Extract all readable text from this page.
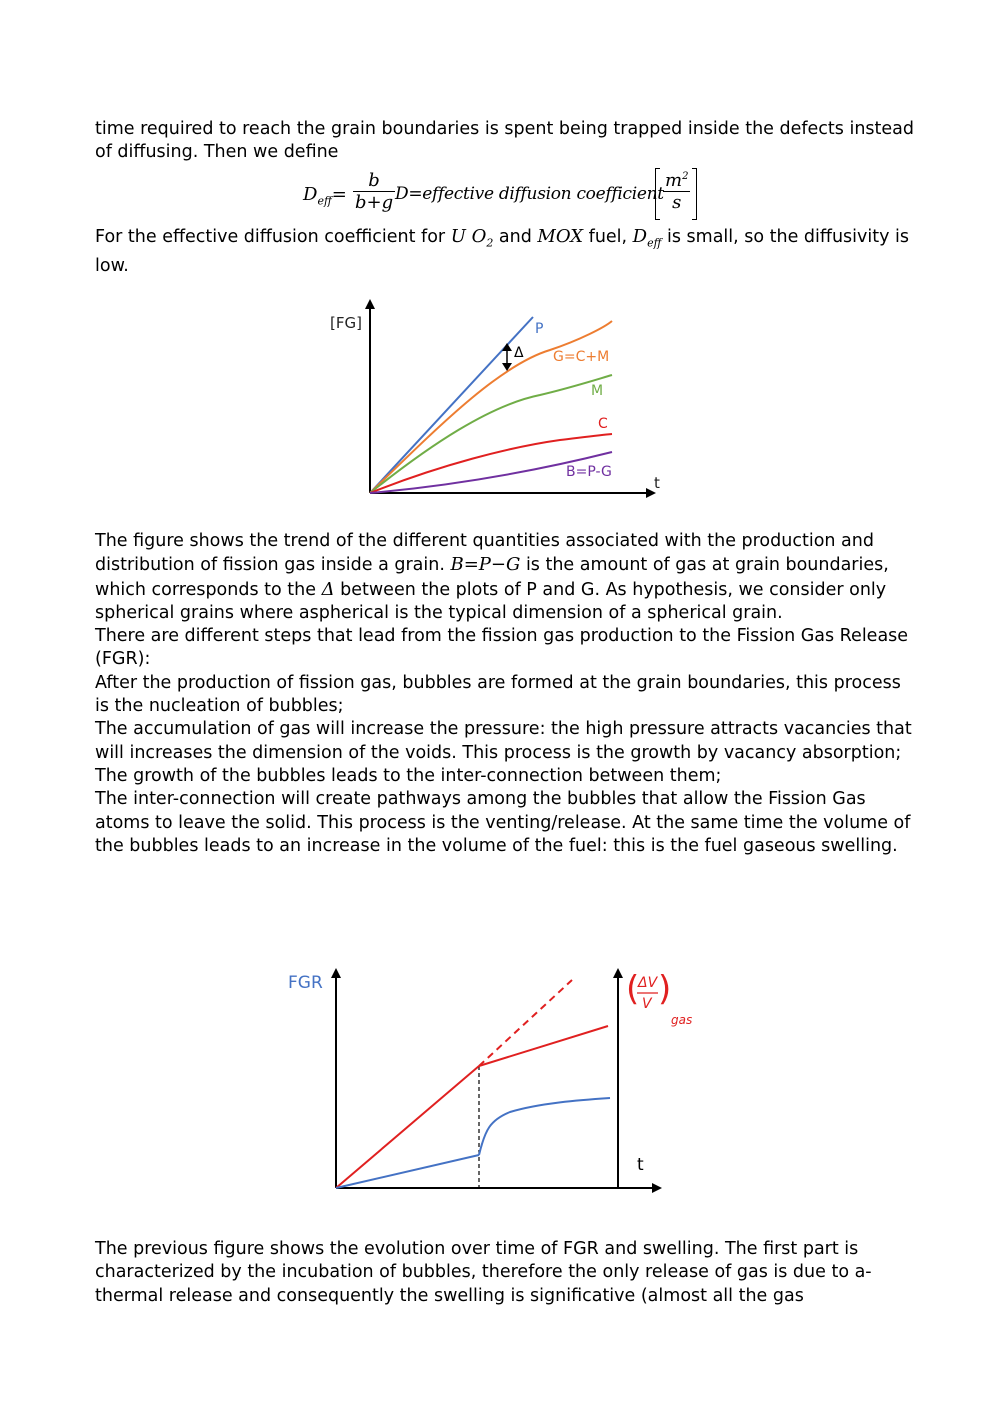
time required to reach the grain boundaries is spent being trapped inside the defects instead of diffusing. Then we define

$D_{eff}= \frac{b}{b+g}$ D=effective diffusion coefficient $\frac{m^2}{s}$

For the effective diffusion coefficient for U $O_2$ and MOX fuel, $D_{eff}$ is small, so the diffusivity is low.

[FG]
t
Δ
P
G=C+M
M
C
B=P-G

The figure shows the trend of the different quantities associated with the production and distribution of fission gas inside a grain. B=P−G is the amount of gas at grain boundaries, which corresponds to the Δ between the plots of P and G. As hypothesis, we consider only spherical grains where aspherical is the typical dimension of a spherical grain.

There are different steps that lead from the fission gas production to the Fission Gas Release (FGR):

After the production of fission gas, bubbles are formed at the grain boundaries, this process is the nucleation of bubbles;

The accumulation of gas will increase the pressure: the high pressure attracts vacancies that will increases the dimension of the voids. This process is the growth by vacancy absorption;

The growth of the bubbles leads to the inter-connection between them;

The inter-connection will create pathways among the bubbles that allow the Fission Gas atoms to leave the solid. This process is the venting/release. At the same time the volume of the bubbles leads to an increase in the volume of the fuel: this is the fuel gaseous swelling.

FGR
t
(
ΔV
V )
gas

The previous figure shows the evolution over time of FGR and swelling. The first part is characterized by the incubation of bubbles, therefore the only release of gas is due to a-thermal release and consequently the swelling is significative (almost all the gas
